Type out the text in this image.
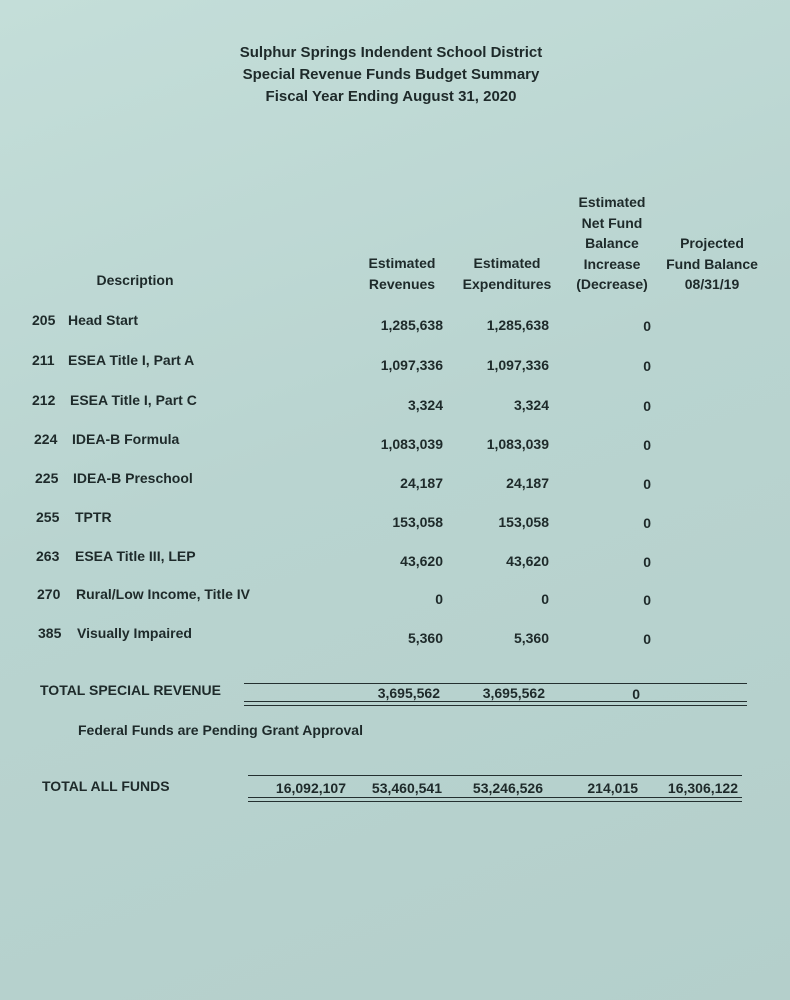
Sulphur Springs Indendent School District
Special Revenue Funds Budget Summary
Fiscal Year Ending August 31, 2020
Description
Estimated
Revenues
Estimated
Expenditures
Estimated
Net Fund
Balance
Increase
(Decrease)
Projected
Fund Balance
08/31/19
205 Head Start	1,285,638	1,285,638	0
211 ESEA Title I, Part A	1,097,336	1,097,336	0
212 ESEA Title I, Part C	3,324	3,324	0
224 IDEA-B Formula	1,083,039	1,083,039	0
225 IDEA-B Preschool	24,187	24,187	0
255 TPTR	153,058	153,058	0
263 ESEA Title III, LEP	43,620	43,620	0
270 Rural/Low Income, Title IV	0	0	0
385 Visually Impaired	5,360	5,360	0
TOTAL SPECIAL REVENUE	3,695,562	3,695,562	0
Federal Funds are Pending Grant Approval
TOTAL ALL FUNDS	16,092,107	53,460,541	53,246,526	214,015	16,306,122
